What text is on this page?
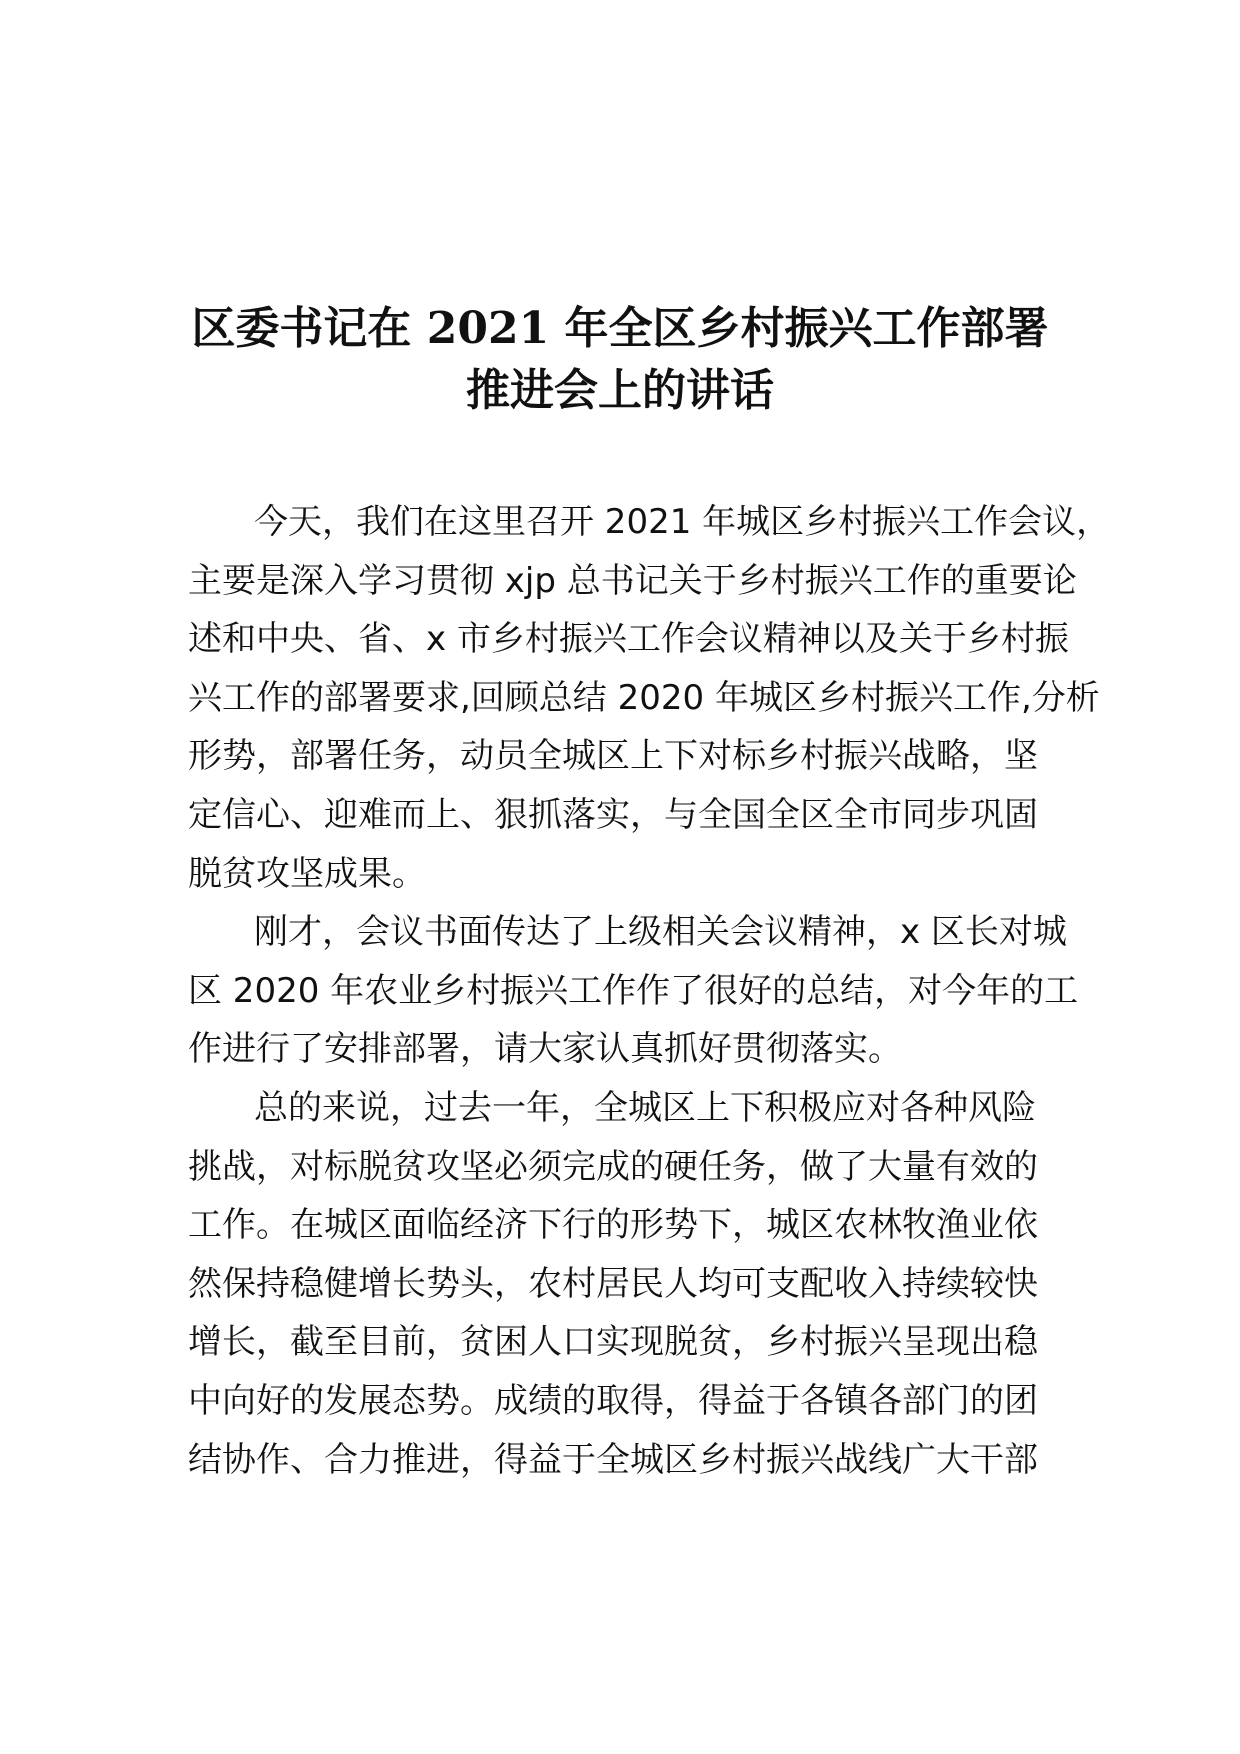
区委书记在 2021 年全区乡村振兴工作部署
推进会上的讲话
今天，我们在这里召开 2021 年城区乡村振兴工作会议，
主要是深入学习贯彻 xjp 总书记关于乡村振兴工作的重要论
述和中央、省、x 市乡村振兴工作会议精神以及关于乡村振
兴工作的部署要求,回顾总结 2020 年城区乡村振兴工作,分析
形势，部署任务，动员全城区上下对标乡村振兴战略，坚
定信心、迎难而上、狠抓落实，与全国全区全市同步巩固
脱贫攻坚成果。
刚才，会议书面传达了上级相关会议精神，x 区长对城
区 2020 年农业乡村振兴工作作了很好的总结，对今年的工
作进行了安排部署，请大家认真抓好贯彻落实。
总的来说，过去一年，全城区上下积极应对各种风险
挑战，对标脱贫攻坚必须完成的硬任务，做了大量有效的
工作。在城区面临经济下行的形势下，城区农林牧渔业依
然保持稳健增长势头，农村居民人均可支配收入持续较快
增长，截至目前，贫困人口实现脱贫，乡村振兴呈现出稳
中向好的发展态势。成绩的取得，得益于各镇各部门的团
结协作、合力推进，得益于全城区乡村振兴战线广大干部
